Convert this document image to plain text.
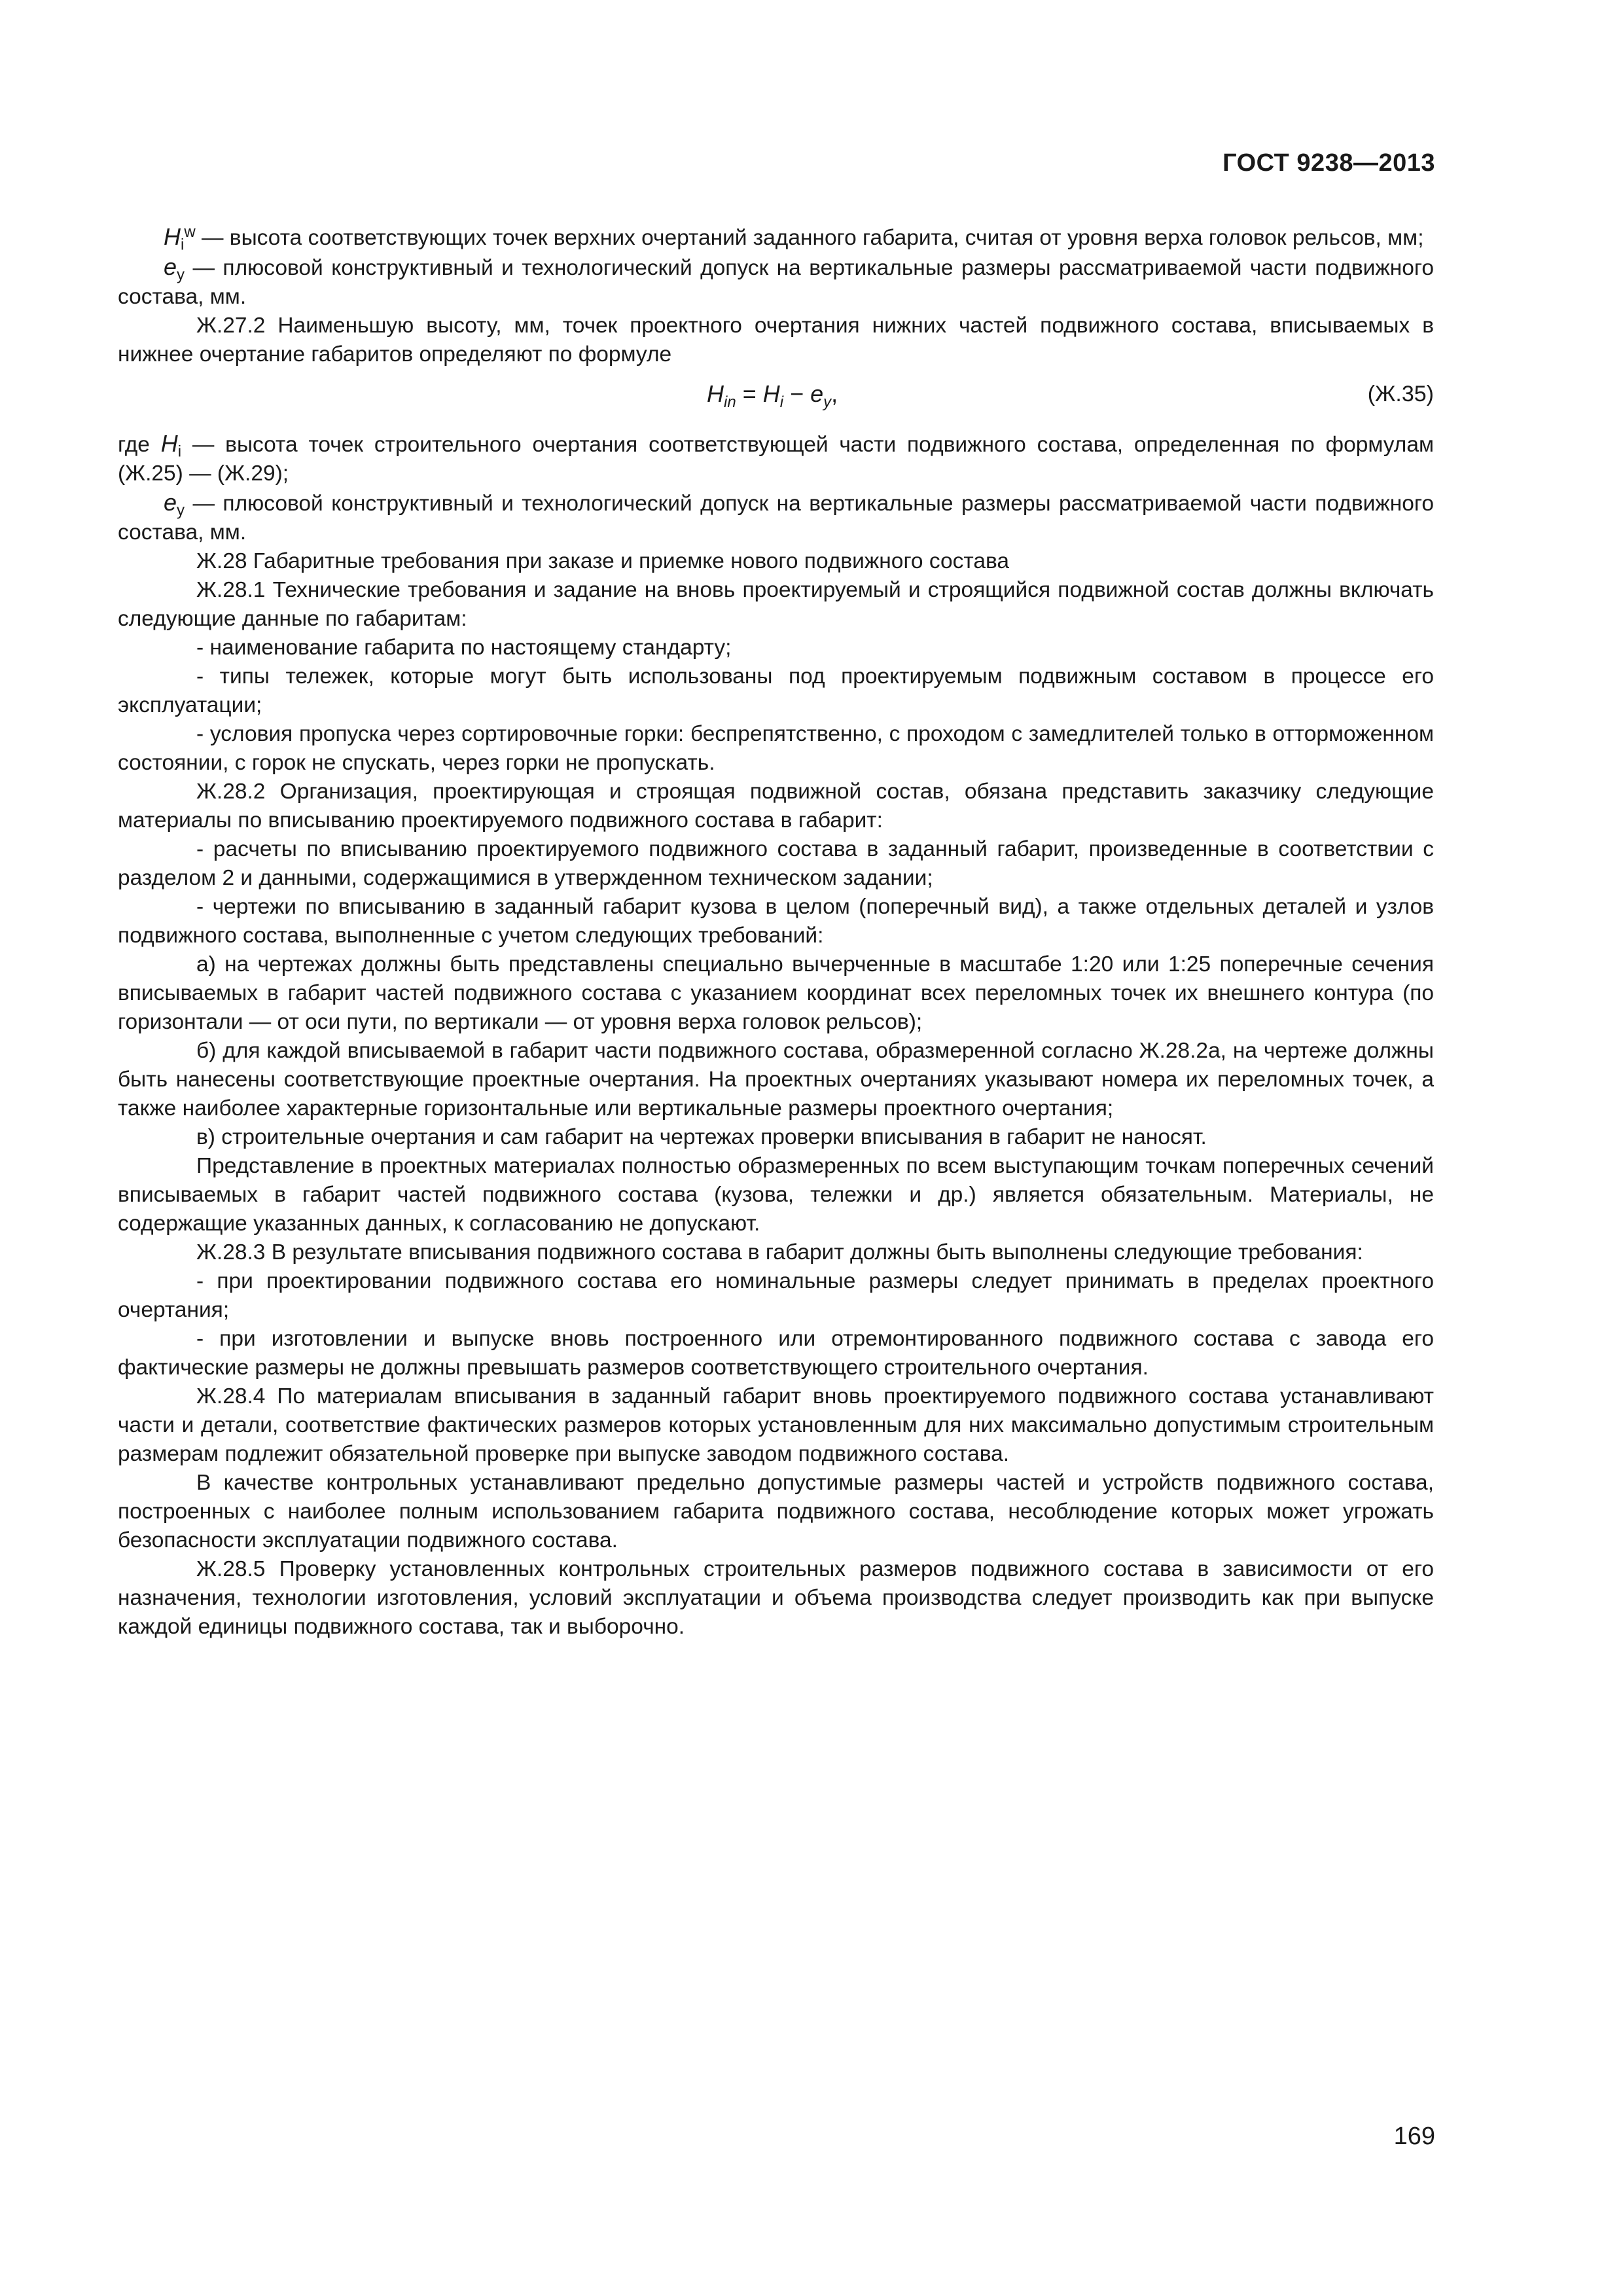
ГОСТ 9238—2013

$H_i^w$ — высота соответствующих точек верхних очертаний заданного габарита, считая от уровня верха головок рельсов, мм;

$e_y$ — плюсовой конструктивный и технологический допуск на вертикальные размеры рассматриваемой части подвижного состава, мм.

Ж.27.2 Наименьшую высоту, мм, точек проектного очертания нижних частей подвижного состава, вписываемых в нижнее очертание габаритов определяют по формуле

$H_{in} = H_i - e_y$,	(Ж.35)

где $H_i$ — высота точек строительного очертания соответствующей части подвижного состава, определенная по формулам (Ж.25) — (Ж.29);

$e_y$ — плюсовой конструктивный и технологический допуск на вертикальные размеры рассматриваемой части подвижного состава, мм.

Ж.28 Габаритные требования при заказе и приемке нового подвижного состава

Ж.28.1 Технические требования и задание на вновь проектируемый и строящийся подвижной состав должны включать следующие данные по габаритам:

- наименование габарита по настоящему стандарту;

- типы тележек, которые могут быть использованы под проектируемым подвижным составом в процессе его эксплуатации;

- условия пропуска через сортировочные горки: беспрепятственно, с проходом с замедлителей только в отторможенном состоянии, с горок не спускать, через горки не пропускать.

Ж.28.2 Организация, проектирующая и строящая подвижной состав, обязана представить заказчику следующие материалы по вписыванию проектируемого подвижного состава в габарит:

- расчеты по вписыванию проектируемого подвижного состава в заданный габарит, произведенные в соответствии с разделом 2 и данными, содержащимися в утвержденном техническом задании;

- чертежи по вписыванию в заданный габарит кузова в целом (поперечный вид), а также отдельных деталей и узлов подвижного состава, выполненные с учетом следующих требований:

а) на чертежах должны быть представлены специально вычерченные в масштабе 1:20 или 1:25 поперечные сечения вписываемых в габарит частей подвижного состава с указанием координат всех переломных точек их внешнего контура (по горизонтали — от оси пути, по вертикали — от уровня верха головок рельсов);

б) для каждой вписываемой в габарит части подвижного состава, образмеренной согласно Ж.28.2а, на чертеже должны быть нанесены соответствующие проектные очертания. На проектных очертаниях указывают номера их переломных точек, а также наиболее характерные горизонтальные или вертикальные размеры проектного очертания;

в) строительные очертания и сам габарит на чертежах проверки вписывания в габарит не наносят.

Представление в проектных материалах полностью образмеренных по всем выступающим точкам поперечных сечений вписываемых в габарит частей подвижного состава (кузова, тележки и др.) является обязательным. Материалы, не содержащие указанных данных, к согласованию не допускают.

Ж.28.3 В результате вписывания подвижного состава в габарит должны быть выполнены следующие требования:

- при проектировании подвижного состава его номинальные размеры следует принимать в пределах проектного очертания;

- при изготовлении и выпуске вновь построенного или отремонтированного подвижного состава с завода его фактические размеры не должны превышать размеров соответствующего строительного очертания.

Ж.28.4 По материалам вписывания в заданный габарит вновь проектируемого подвижного состава устанавливают части и детали, соответствие фактических размеров которых установленным для них максимально допустимым строительным размерам подлежит обязательной проверке при выпуске заводом подвижного состава.

В качестве контрольных устанавливают предельно допустимые размеры частей и устройств подвижного состава, построенных с наиболее полным использованием габарита подвижного состава, несоблюдение которых может угрожать безопасности эксплуатации подвижного состава.

Ж.28.5 Проверку установленных контрольных строительных размеров подвижного состава в зависимости от его назначения, технологии изготовления, условий эксплуатации и объема производства следует производить как при выпуске каждой единицы подвижного состава, так и выборочно.

169
